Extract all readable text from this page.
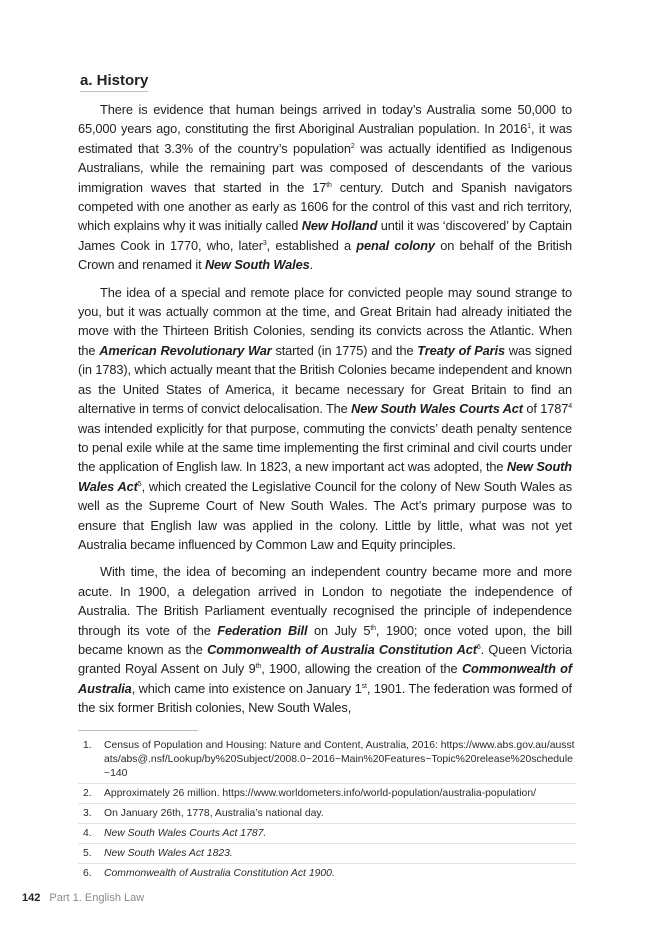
a. History

There is evidence that human beings arrived in today’s Australia some 50,000 to 65,000 years ago, constituting the first Aboriginal Australian population. In 2016$^1$, it was estimated that 3.3% of the country’s population$^2$ was actually identified as Indigenous Australians, while the remaining part was composed of descendants of the various immigration waves that started in the 17th century. Dutch and Spanish navigators competed with one another as early as 1606 for the control of this vast and rich territory, which explains why it was initially called New Holland until it was ‘discovered’ by Captain James Cook in 1770, who, later$^3$, established a penal colony on behalf of the British Crown and renamed it New South Wales.

The idea of a special and remote place for convicted people may sound strange to you, but it was actually common at the time, and Great Britain had already initiated the move with the Thirteen British Colonies, sending its convicts across the Atlantic. When the American Revolutionary War started (in 1775) and the Treaty of Paris was signed (in 1783), which actually meant that the British Colonies became independent and known as the United States of America, it became necessary for Great Britain to find an alternative in terms of convict delocalisation. The New South Wales Courts Act of 1787$^4$ was intended explicitly for that purpose, commuting the convicts’ death penalty sentence to penal exile while at the same time implementing the first criminal and civil courts under the application of English law. In 1823, a new important act was adopted, the New South Wales Act$^5$, which created the Legislative Council for the colony of New South Wales as well as the Supreme Court of New South Wales. The Act’s primary purpose was to ensure that English law was applied in the colony. Little by little, what was not yet Australia became influenced by Common Law and Equity principles.

With time, the idea of becoming an independent country became more and more acute. In 1900, a delegation arrived in London to negotiate the independence of Australia. The British Parliament eventually recognised the principle of independence through its vote of the Federation Bill on July 5th, 1900; once voted upon, the bill became known as the Commonwealth of Australia Constitution Act$^6$. Queen Victoria granted Royal Assent on July 9th, 1900, allowing the creation of the Commonwealth of Australia, which came into existence on January 1st, 1901. The federation was formed of the six former British colonies, New South Wales,

1.	Census of Population and Housing: Nature and Content, Australia, 2016: https://www.abs.gov.au/ausstats/abs@.nsf/Lookup/by%20Subject/2008.0~2016~Main%20Features~Topic%20release%20schedule~140
2.	Approximately 26 million. https://www.worldometers.info/world-population/australia-population/
3.	On January 26th, 1778, Australia’s national day.
4.	New South Wales Courts Act 1787.
5.	New South Wales Act 1823.
6.	Commonwealth of Australia Constitution Act 1900.
142 Part 1. English Law
